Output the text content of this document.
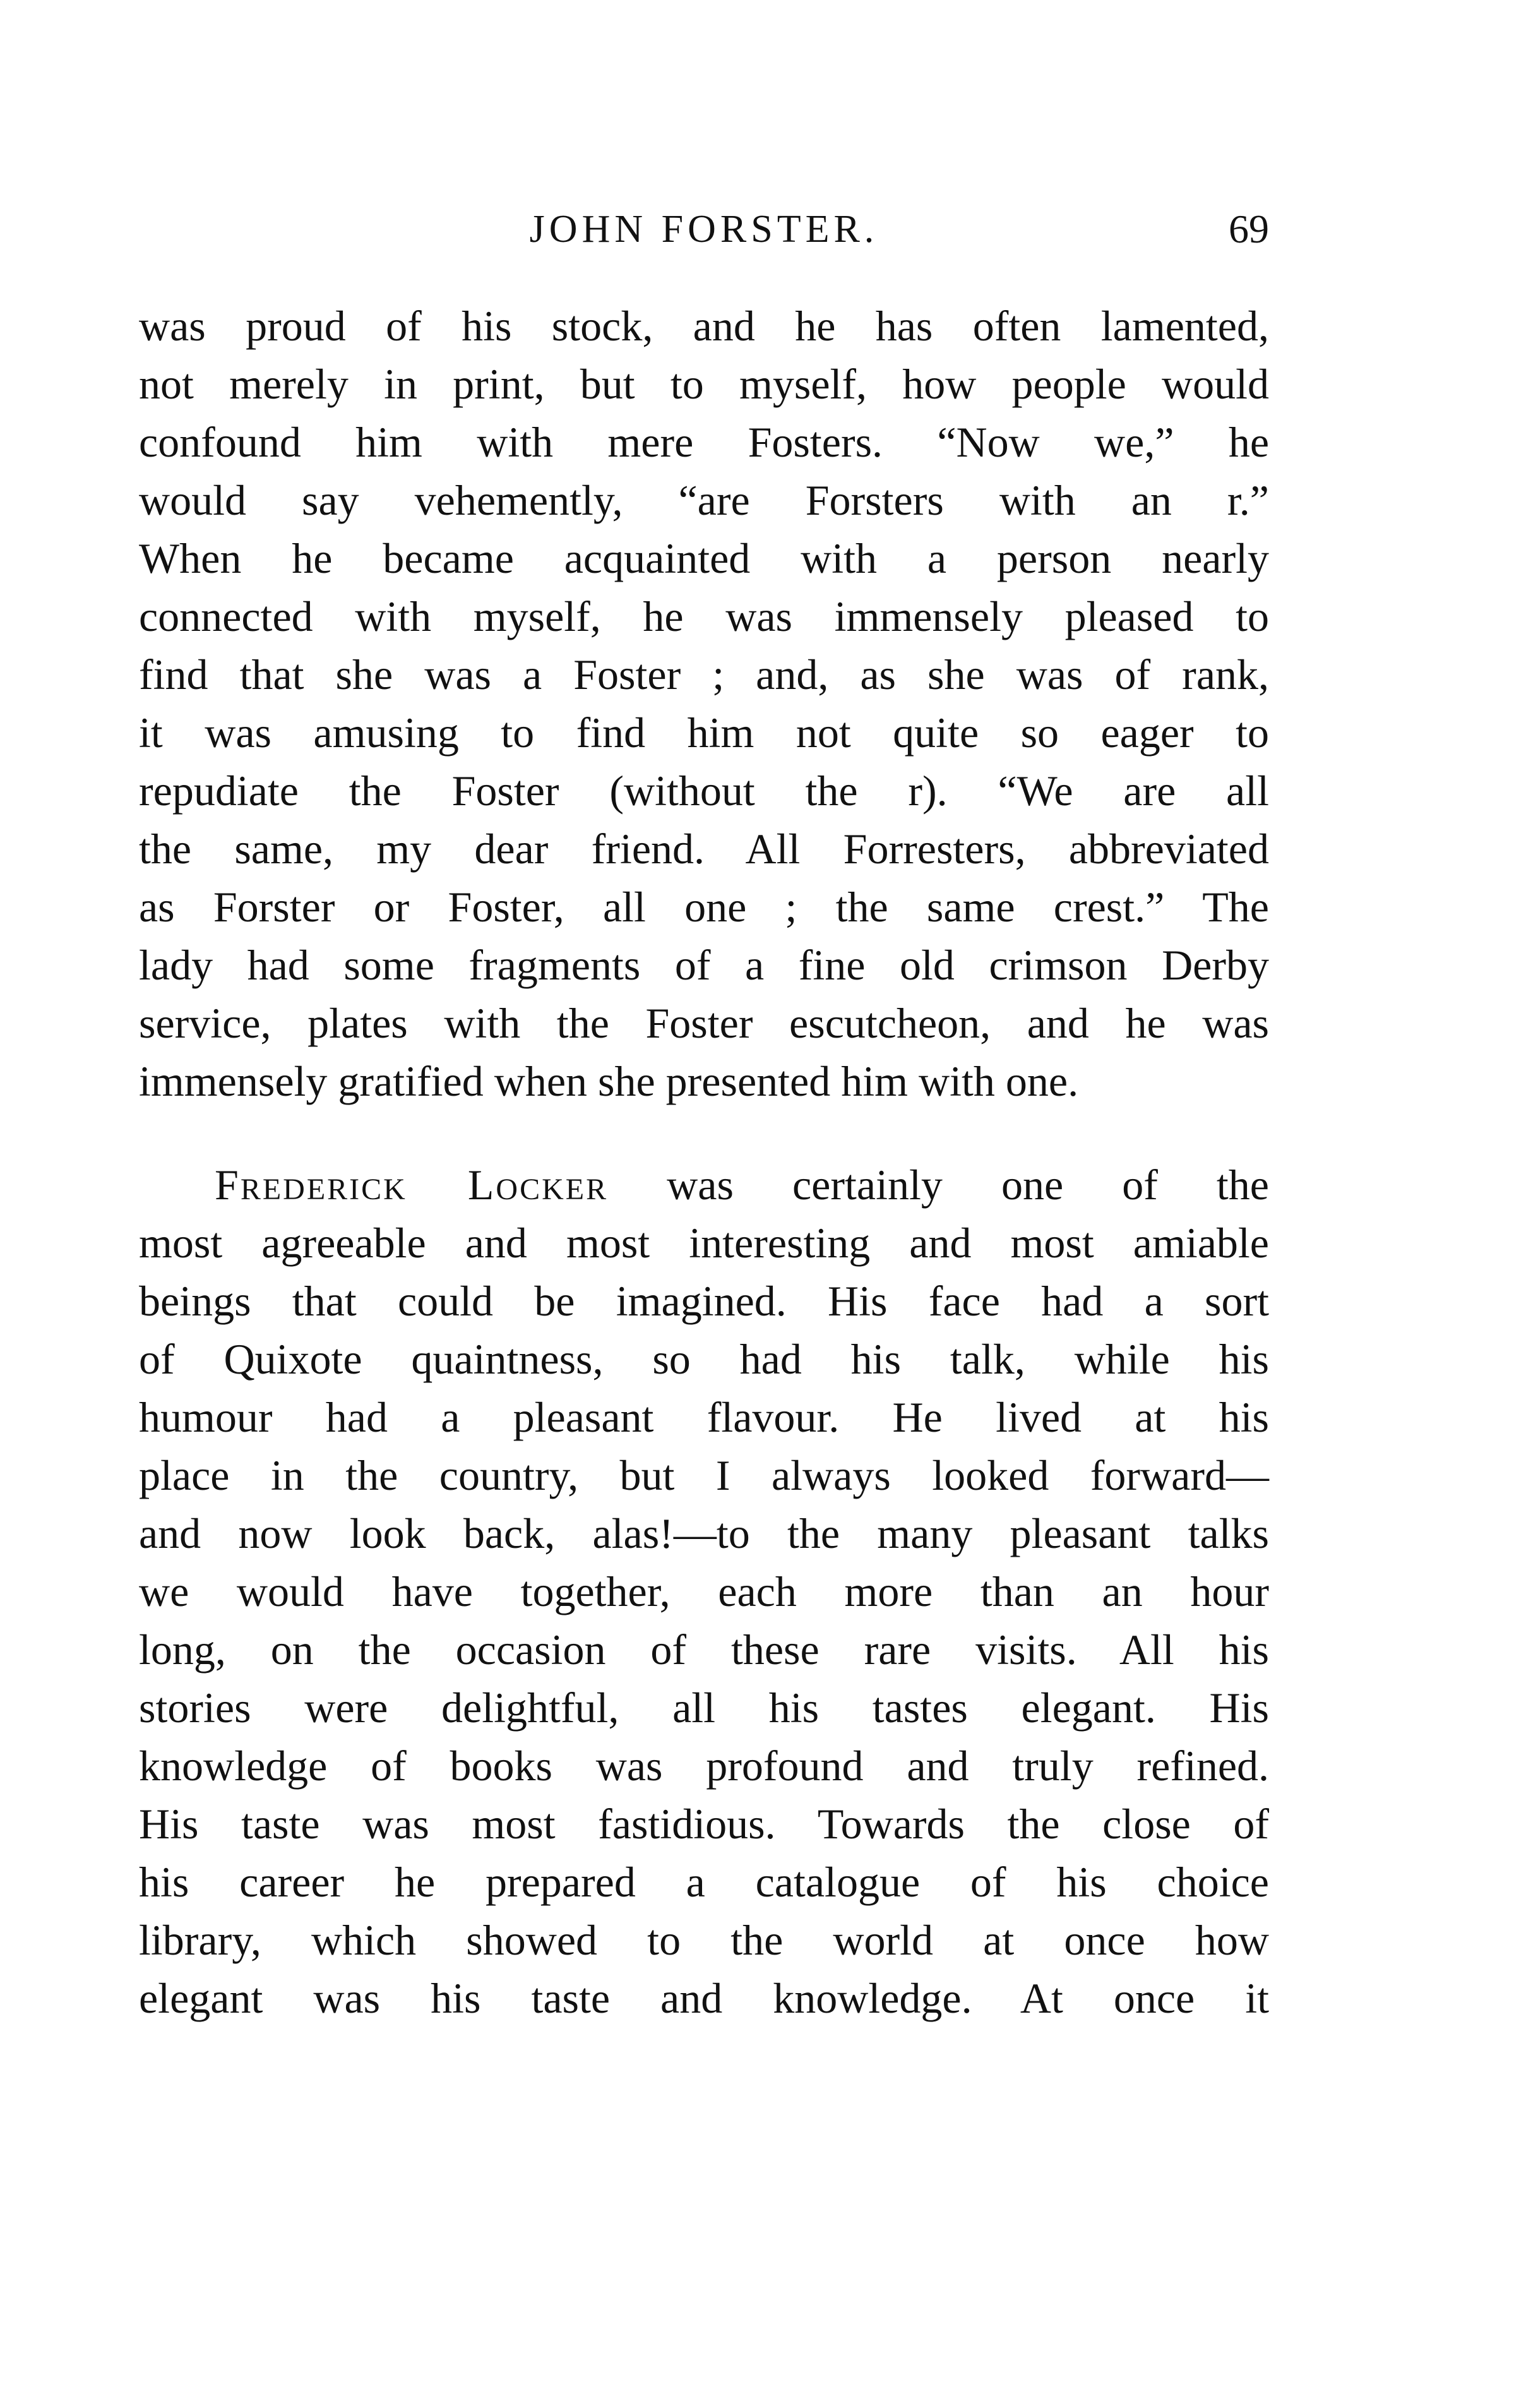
JOHN FORSTER.	69
was proud of his stock, and he has often lamented,
not merely in print, but to myself, how people would
confound him with mere Fosters. “Now we,” he
would say vehemently, “are Forsters with an r.”
When he became acquainted with a person nearly
connected with myself, he was immensely pleased to
find that she was a Foster ; and, as she was of rank,
it was amusing to find him not quite so eager to
repudiate the Foster (without the r). “We are all
the same, my dear friend. All Forresters, abbreviated
as Forster or Foster, all one ; the same crest.” The
lady had some fragments of a fine old crimson Derby
service, plates with the Foster escutcheon, and he was
immensely gratified when she presented him with one.
Frederick Locker was certainly one of the
most agreeable and most interesting and most amiable
beings that could be imagined. His face had a sort
of Quixote quaintness, so had his talk, while his
humour had a pleasant flavour. He lived at his
place in the country, but I always looked forward—
and now look back, alas!—to the many pleasant talks
we would have together, each more than an hour
long, on the occasion of these rare visits. All his
stories were delightful, all his tastes elegant. His
knowledge of books was profound and truly refined.
His taste was most fastidious. Towards the close of
his career he prepared a catalogue of his choice
library, which showed to the world at once how
elegant was his taste and knowledge. At once it
